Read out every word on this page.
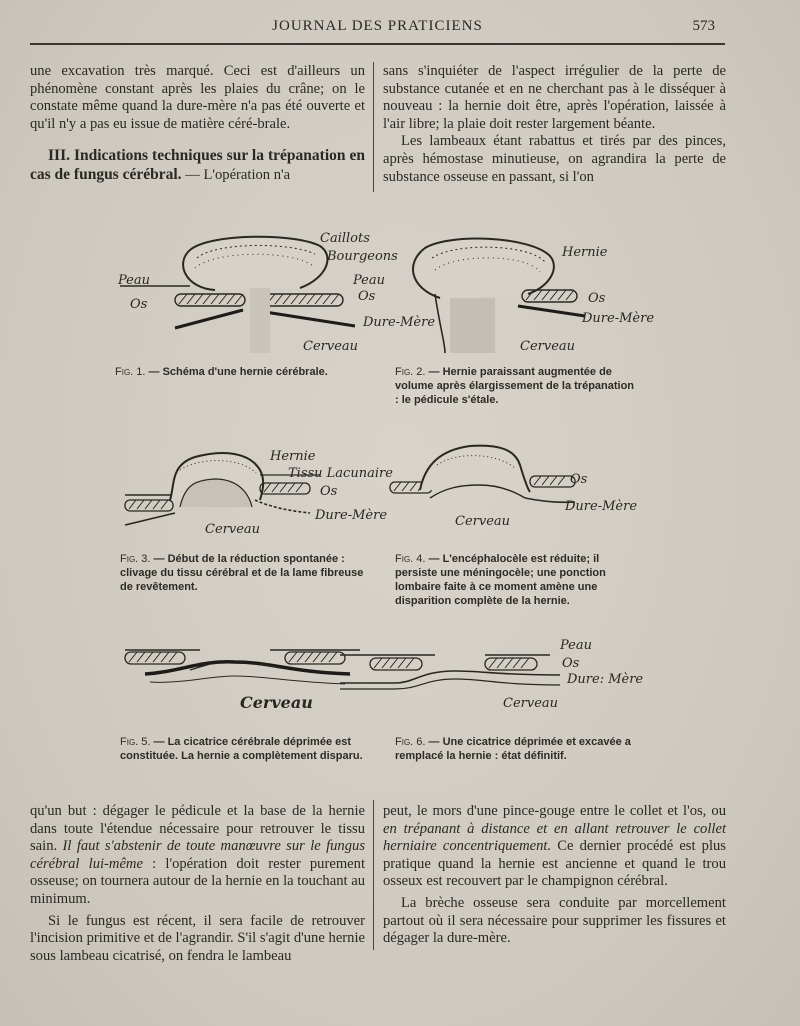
JOURNAL DES PRATICIENS	573

une excavation très marqué. Ceci est d'ailleurs un phénomène constant après les plaies du crâne; on le constate même quand la dure-mère n'a pas été ouverte et qu'il n'y a pas eu issue de matière céré-brale.

III. Indications techniques sur la trépanation en cas de fungus cérébral. — L'opération n'a

sans s'inquiéter de l'aspect irrégulier de la perte de substance cutanée et en ne cherchant pas à le disséquer à nouveau : la hernie doit être, après l'opération, laissée à l'air libre; la plaie doit rester largement béante.

Les lambeaux étant rabattus et tirés par des pinces, après hémostase minutieuse, on agrandira la perte de substance osseuse en passant, si l'on

Caillots
Bourgeons
Peau
Os
Peau
Os
Dure-Mère
Cerveau
Fig. 1. — Schéma d'une hernie cérébrale.
Hernie
Os
Dure-Mère
Cerveau
Fig. 2. — Hernie paraissant augmentée de volume après élargissement de la trépanation : le pédicule s'étale.
Hernie
Tissu Lacunaire
Os
Dure-Mère
Cerveau
Fig. 3. — Début de la réduction spontanée : clivage du tissu cérébral et de la lame fibreuse de revêtement.
Os
Dure-Mère
Cerveau
Fig. 4. — L'encéphalocèle est réduite; il persiste une méningocèle; une ponction lombaire faite à ce moment amène une disparition complète de la hernie.
Cerveau
Fig. 5. — La cicatrice cérébrale déprimée est constituée. La hernie a complètement disparu.
Peau
Os
Dure: Mère
Cerveau
Fig. 6. — Une cicatrice déprimée et excavée a remplacé la hernie : état définitif.

qu'un but : dégager le pédicule et la base de la hernie dans toute l'étendue nécessaire pour retrouver le tissu sain. Il faut s'abstenir de toute manœuvre sur le fungus cérébral lui-même : l'opération doit rester purement osseuse; on tournera autour de la hernie en la touchant au minimum.

Si le fungus est récent, il sera facile de retrouver l'incision primitive et de l'agrandir. S'il s'agit d'une hernie sous lambeau cicatrisé, on fendra le lambeau

peut, le mors d'une pince-gouge entre le collet et l'os, ou en trépanant à distance et en allant retrouver le collet herniaire concentriquement. Ce dernier procédé est plus pratique quand la hernie est ancienne et quand le trou osseux est recouvert par le champignon cérébral.

La brèche osseuse sera conduite par morcellement partout où il sera nécessaire pour supprimer les fissures et dégager la dure-mère.
